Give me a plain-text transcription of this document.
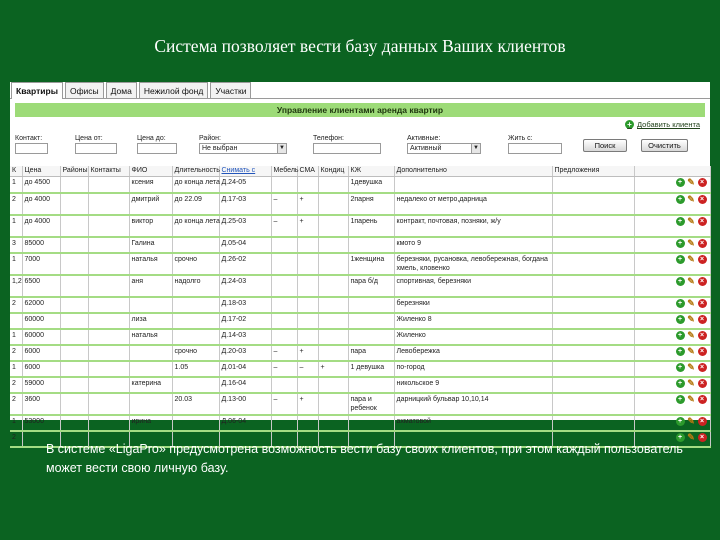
Система позволяет вести базу данных Ваших клиентов
Квартиры	Офисы	Дома	Нежилой фонд	Участки
Управление клиентами аренда квартир
+ Добавить клиента
Контакт:	Цена от:	Цена до:	Район:
Не выбран	▼
Телефон:	Активные:
Активный	▼
Жить с:
Поиск	Очистить
К	Цена	Районы	Контакты	ФИО	Длительность	Снимать с	Мебель	СМА	Кондиц	КЖ	Дополнительно	Предложения	
1	до 4500			ксения	до конца лета	Д.24-05				1девушка			+ ✎ ×
2	до 4000			дмитрий	до 22.09	Д.17-03	–	+		2парня	недалеко от метро,дарница		+ ✎ ×
1	до 4000			виктор	до конца лета	Д.25-03	–	+		1парень	контракт, почтовая, позняки, ж/у		+ ✎ ×
3	85000			Галина		Д.05-04					кмото 9		+ ✎ ×
1	7000			наталья	срочно	Д.26-02				1женщина	березняки, русановка, левобережная, богдана хмель, кловенко		+ ✎ ×
1,2	6500			аня	надолго	Д.24-03				пара б/д	спортивная, березняки		+ ✎ ×
2	62000					Д.18-03					березняки		+ ✎ ×
	60000			лиза		Д.17-02					Жиленко 8		+ ✎ ×
1	60000			наталья		Д.14-03					Жиленко		+ ✎ ×
2	6000				срочно	Д.20-03	–	+		пара	Левобережка		+ ✎ ×
1	6000				1.05	Д.01-04	–	–	+	1 девушка	по-город		+ ✎ ×
2	59000			катерина		Д.16-04					никольское 9		+ ✎ ×
2	3600				20.03	Д.13-00	–	+		пара и ребенок	дарницкий бульвар 10,10,14		+ ✎ ×
1	53000			ирина		Д.06-04					ахматовой		+ ✎ ×
2													+ ✎ ×
В системе «LigaPro» предусмотрена возможность вести базу своих клиентов, при этом каждый пользователь может вести свою личную базу.
